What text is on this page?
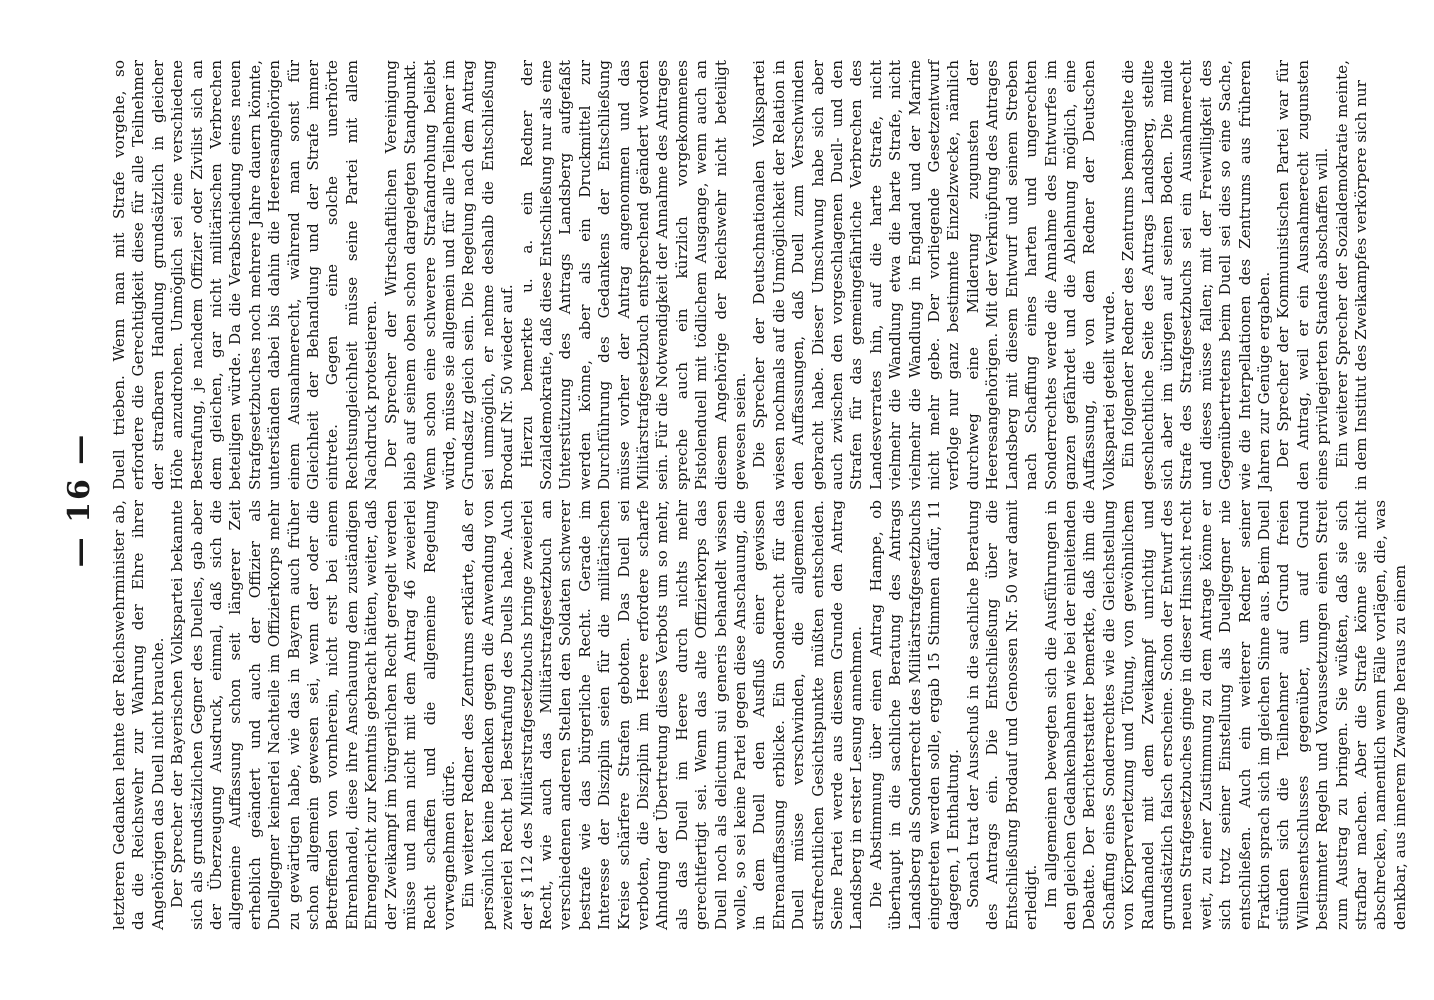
— 16 — letzteren Gedanken lehnte der Reichswehrminister ab, da die Reichswehr zur Wahrung der Ehre ihrer Angehörigen das Duell nicht brauche. Der Sprecher der Bayerischen Volkspartei bekannte sich als grundsätzlichen Gegner des Duelles, gab aber der Überzeugung Ausdruck, einmal, daß sich die allgemeine Auffassung schon seit längerer Zeit erheblich geändert und auch der Offizier als Duellgegner keinerlei Nachteile im Offizierkorps mehr zu gewärtigen habe, wie das in Bayern auch früher schon allgemein gewesen sei, wenn der oder die Betreffenden von vornherein, nicht erst bei einem Ehrenhandel, diese ihre Anschauung dem zuständigen Ehrengericht zur Kenntnis gebracht hätten, weiter, daß der Zweikampf im bürgerlichen Recht geregelt werden müsse und man nicht mit dem Antrag 46 zweierlei Recht schaffen und die allgemeine Regelung vorwegnehmen dürfe. Ein weiterer Redner des Zentrums erklärte, daß er persönlich keine Bedenken gegen die Anwendung von zweierlei Recht bei Bestrafung des Duells habe. Auch der § 112 des Militärstrafgesetzbuchs bringe zweierlei Recht, wie auch das Militärstrafgesetzbuch an verschiedenen anderen Stellen den Soldaten schwerer bestrafe wie das bürgerliche Recht. Gerade im Interesse der Disziplin seien für die militärischen Kreise schärfere Strafen geboten. Das Duell sei verboten, die Disziplin im Heere erfordere scharfe Ahndung der Übertretung dieses Verbots um so mehr, als das Duell im Heere durch nichts mehr gerechtfertigt sei. Wenn das alte Offizierkorps das Duell noch als delictum sui generis behandelt wissen wolle, so sei keine Partei gegen diese Anschauung, die in dem Duell den Ausfluß einer gewissen Ehrenauffassung erblicke. Ein Sonderrecht für das Duell müsse verschwinden, die allgemeinen strafrechtlichen Gesichtspunkte müßten entscheiden. Seine Partei werde aus diesem Grunde den Antrag Landsberg in erster Lesung annehmen. Die Abstimmung über einen Antrag Hampe, ob überhaupt in die sachliche Beratung des Antrags Landsberg als Sonderrecht des Militärstrafgesetzbuchs eingetreten werden solle, ergab 15 Stimmen dafür, 11 dagegen, 1 Enthaltung. Sonach trat der Ausschuß in die sachliche Beratung des Antrags ein. Die Entschließung über die Entschließung Brodauf und Genossen Nr. 50 war damit erledigt. Im allgemeinen bewegten sich die Ausführungen in den gleichen Gedankenbahnen wie bei der einleitenden Debatte. Der Berichterstatter bemerkte, daß ihm die Schaffung eines Sonderrechtes wie die Gleichstellung von Körperverletzung und Tötung, von gewöhnlichem Raufhandel mit dem Zweikampf unrichtig und grundsätzlich falsch erscheine. Schon der Entwurf des neuen Strafgesetzbuches ginge in dieser Hinsicht recht weit, zu einer Zustimmung zu dem Antrage könne er sich trotz seiner Einstellung als Duellgegner nie entschließen. Auch ein weiterer Redner seiner Fraktion sprach sich im gleichen Sinne aus. Beim Duell stünden sich die Teilnehmer auf Grund freien Willensentschlusses gegenüber, um auf Grund bestimmter Regeln und Voraussetzungen einen Streit zum Austrag zu bringen. Sie wüßten, daß sie sich strafbar machen. Aber die Strafe könne sie nicht abschrecken, namentlich wenn Fälle vorlägen, die, was denkbar, aus innerem Zwange heraus zu einem

Duell trieben. Wenn man mit Strafe vorgehe, so erfordere die Gerechtigkeit diese für alle Teilnehmer der strafbaren Handlung grundsätzlich in gleicher Höhe anzudrohen. Unmöglich sei eine verschiedene Bestrafung, je nachdem Offizier oder Zivilist sich an dem gleichen, gar nicht militärischen Verbrechen beteiligen würde. Da die Verabschiedung eines neuen Strafgesetzbuches noch mehrere Jahre dauern könnte, unterständen dabei bis dahin die Heeresangehörigen einem Ausnahmerecht, während man sonst für Gleichheit der Behandlung und der Strafe immer eintrete. Gegen eine solche unerhörte Rechtsungleichheit müsse seine Partei mit allem Nachdruck protestieren. Der Sprecher der Wirtschaftlichen Vereinigung blieb auf seinem oben schon dargelegten Standpunkt. Wenn schon eine schwerere Strafandrohung beliebt würde, müsse sie allgemein und für alle Teilnehmer im Grundsatz gleich sein. Die Regelung nach dem Antrag sei unmöglich, er nehme deshalb die Entschließung Brodauf Nr. 50 wieder auf. Hierzu bemerkte u. a. ein Redner der Sozialdemokratie, daß diese Entschließung nur als eine Unterstützung des Antrags Landsberg aufgefaßt werden könne, aber als ein Druckmittel zur Durchführung des Gedankens der Entschließung müsse vorher der Antrag angenommen und das Militärstrafgesetzbuch entsprechend geändert worden sein. Für die Notwendigkeit der Annahme des Antrages spreche auch ein kürzlich vorgekommenes Pistolenduell mit tödlichem Ausgange, wenn auch an diesem Angehörige der Reichswehr nicht beteiligt gewesen seien. Die Sprecher der Deutschnationalen Volkspartei wiesen nochmals auf die Unmöglichkeit der Relation in den Auffassungen, daß Duell zum Verschwinden gebracht habe. Dieser Umschwung habe sich aber auch zwischen den vorgeschlagenen Duell- und den Strafen für das gemeingefährliche Verbrechen des Landesverrates hin, auf die harte Strafe, nicht vielmehr die Wandlung etwa die harte Strafe, nicht vielmehr die Wandlung in England und der Marine nicht mehr gebe. Der vorliegende Gesetzentwurf verfolge nur ganz bestimmte Einzelzwecke, nämlich durchweg eine Milderung zugunsten der Heeresangehörigen. Mit der Verknüpfung des Antrages Landsberg mit diesem Entwurf und seinem Streben nach Schaffung eines harten und ungerechten Sonderrechtes werde die Annahme des Entwurfes im ganzen gefährdet und die Ablehnung möglich, eine Auffassung, die von dem Redner der Deutschen Volkspartei geteilt wurde. Ein folgender Redner des Zentrums bemängelte die geschlechtliche Seite des Antrags Landsberg, stellte sich aber im übrigen auf seinen Boden. Die milde Strafe des Strafgesetzbuchs sei ein Ausnahmerecht und dieses müsse fallen; mit der Freiwilligkeit des Gegenübertretens beim Duell sei dies so eine Sache, wie die Interpellationen des Zentrums aus früheren Jahren zur Genüge ergaben. Der Sprecher der Kommunistischen Partei war für den Antrag, weil er ein Ausnahmerecht zugunsten eines privilegierten Standes abschaffen will. Ein weiterer Sprecher der Sozialdemokratie meinte, in dem Institut des Zweikampfes verkörpere sich nur
